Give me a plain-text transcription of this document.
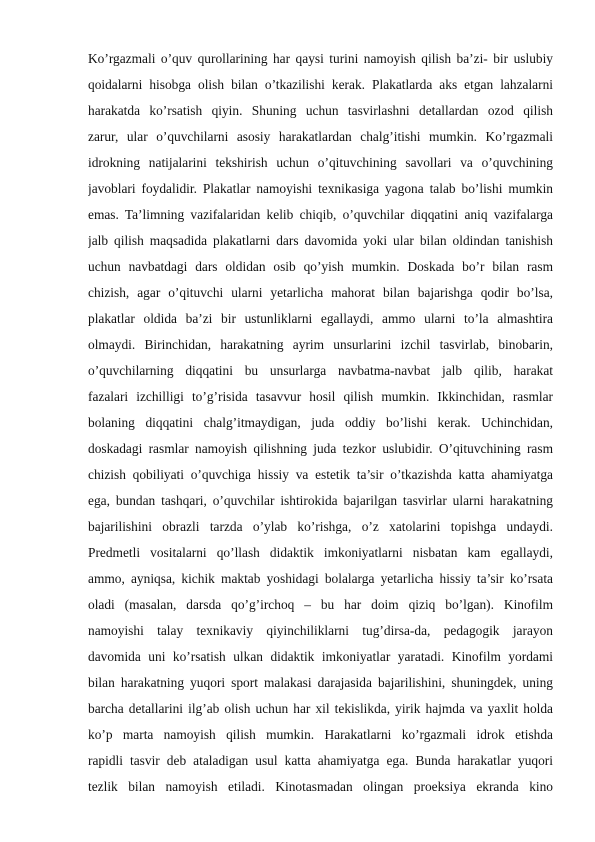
Ko’rgazmali o’quv qurollarining har qaysi turini namoyish qilish ba’zi- bir uslubiy
qoidalarni hisobga olish bilan o’tkazilishi kerak. Plakatlarda aks etgan lahzalarni
harakatda ko’rsatish qiyin. Shuning uchun tasvirlashni detallardan ozod qilish
zarur, ular o’quvchilarni asosiy harakatlardan chalg’itishi mumkin. Ko’rgazmali
idrokning natijalarini tekshirish uchun o’qituvchining savollari va o’quvchining
javoblari foydalidir. Plakatlar namoyishi texnikasiga yagona talab bo’lishi mumkin
emas. Ta’limning vazifalaridan kelib chiqib, o’quvchilar diqqatini aniq vazifalarga
jalb qilish maqsadida plakatlarni dars davomida yoki ular bilan oldindan tanishish
uchun navbatdagi dars oldidan osib qo’yish mumkin. Doskada bo’r bilan rasm
chizish, agar o’qituvchi ularni yetarlicha mahorat bilan bajarishga qodir bo’lsa,
plakatlar oldida ba’zi bir ustunliklarni egallaydi, ammo ularni to’la almashtira
olmaydi. Birinchidan, harakatning ayrim unsurlarini izchil tasvirlab, binobarin,
o’quvchilarning diqqatini bu unsurlarga navbatma-navbat jalb qilib, harakat
fazalari izchilligi to’g’risida tasavvur hosil qilish mumkin. Ikkinchidan, rasmlar
bolaning diqqatini chalg’itmaydigan, juda oddiy bo’lishi kerak. Uchinchidan,
doskadagi rasmlar namoyish qilishning juda tezkor uslubidir. O’qituvchining rasm
chizish qobiliyati o’quvchiga hissiy va estetik ta’sir o’tkazishda katta ahamiyatga
ega, bundan tashqari, o’quvchilar ishtirokida bajarilgan tasvirlar ularni harakatning
bajarilishini obrazli tarzda o’ylab ko’rishga, o’z xatolarini topishga undaydi.
Predmetli vositalarni qo’llash didaktik imkoniyatlarni nisbatan kam egallaydi,
ammo, ayniqsa, kichik maktab yoshidagi bolalarga yetarlicha hissiy ta’sir ko’rsata
oladi (masalan, darsda qo’g’irchoq – bu har doim qiziq bo’lgan). Kinofilm
namoyishi talay texnikaviy qiyinchiliklarni tug’dirsa-da, pedagogik jarayon
davomida uni ko’rsatish ulkan didaktik imkoniyatlar yaratadi. Kinofilm yordami
bilan harakatning yuqori sport malakasi darajasida bajarilishini, shuningdek, uning
barcha detallarini ilg’ab olish uchun har xil tekislikda, yirik hajmda va yaxlit holda
ko’p marta namoyish qilish mumkin. Harakatlarni ko’rgazmali idrok etishda
rapidli tasvir deb ataladigan usul katta ahamiyatga ega. Bunda harakatlar yuqori
tezlik bilan namoyish etiladi. Kinotasmadan olingan proeksiya ekranda kino
